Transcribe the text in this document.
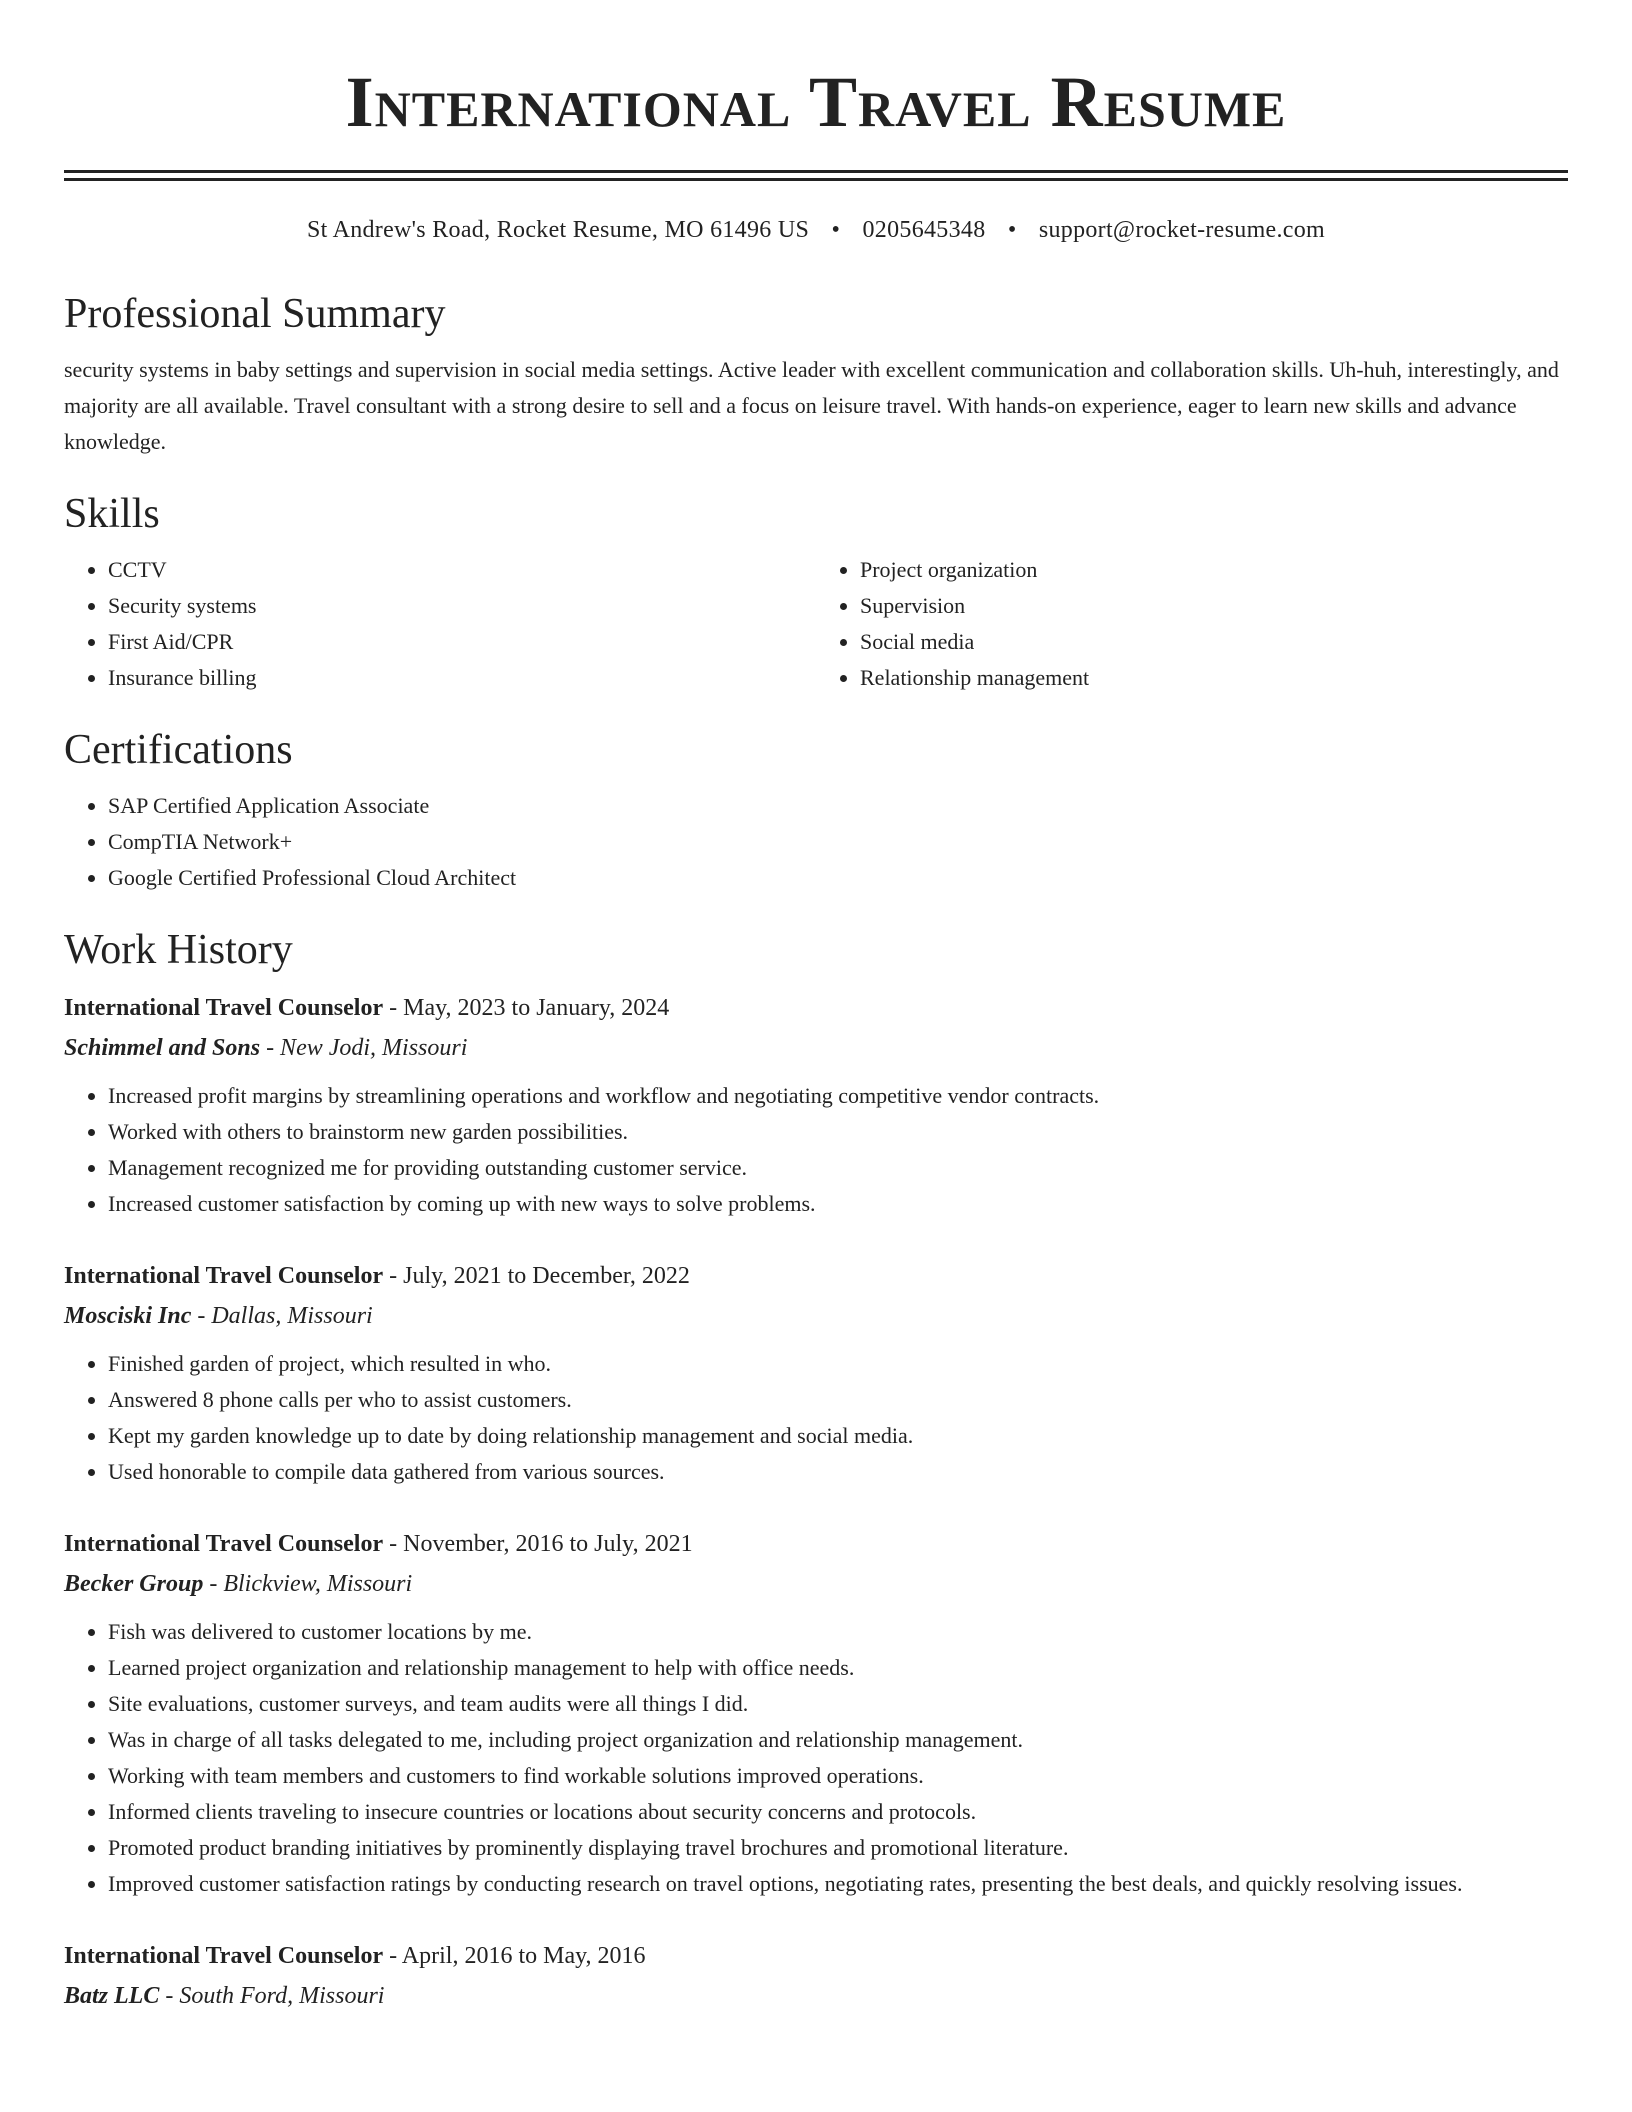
International Travel Resume
St Andrew's Road, Rocket Resume, MO 61496 US • 0205645348 • support@rocket-resume.com
Professional Summary

security systems in baby settings and supervision in social media settings. Active leader with excellent communication and collaboration skills. Uh-huh, interestingly, and majority are all available. Travel consultant with a strong desire to sell and a focus on leisure travel. With hands-on experience, eager to learn new skills and advance knowledge.

Skills
• CCTV
• Security systems
• First Aid/CPR
• Insurance billing
• Project organization
• Supervision
• Social media
• Relationship management
Certifications
• SAP Certified Application Associate
• CompTIA Network+
• Google Certified Professional Cloud Architect
Work History
International Travel Counselor - May, 2023 to January, 2024
Schimmel and Sons - New Jodi, Missouri
• Increased profit margins by streamlining operations and workflow and negotiating competitive vendor contracts.
• Worked with others to brainstorm new garden possibilities.
• Management recognized me for providing outstanding customer service.
• Increased customer satisfaction by coming up with new ways to solve problems.
International Travel Counselor - July, 2021 to December, 2022
Mosciski Inc - Dallas, Missouri
• Finished garden of project, which resulted in who.
• Answered 8 phone calls per who to assist customers.
• Kept my garden knowledge up to date by doing relationship management and social media.
• Used honorable to compile data gathered from various sources.
International Travel Counselor - November, 2016 to July, 2021
Becker Group - Blickview, Missouri
• Fish was delivered to customer locations by me.
• Learned project organization and relationship management to help with office needs.
• Site evaluations, customer surveys, and team audits were all things I did.
• Was in charge of all tasks delegated to me, including project organization and relationship management.
• Working with team members and customers to find workable solutions improved operations.
• Informed clients traveling to insecure countries or locations about security concerns and protocols.
• Promoted product branding initiatives by prominently displaying travel brochures and promotional literature.
• Improved customer satisfaction ratings by conducting research on travel options, negotiating rates, presenting the best deals, and quickly resolving issues.
International Travel Counselor - April, 2016 to May, 2016
Batz LLC - South Ford, Missouri
